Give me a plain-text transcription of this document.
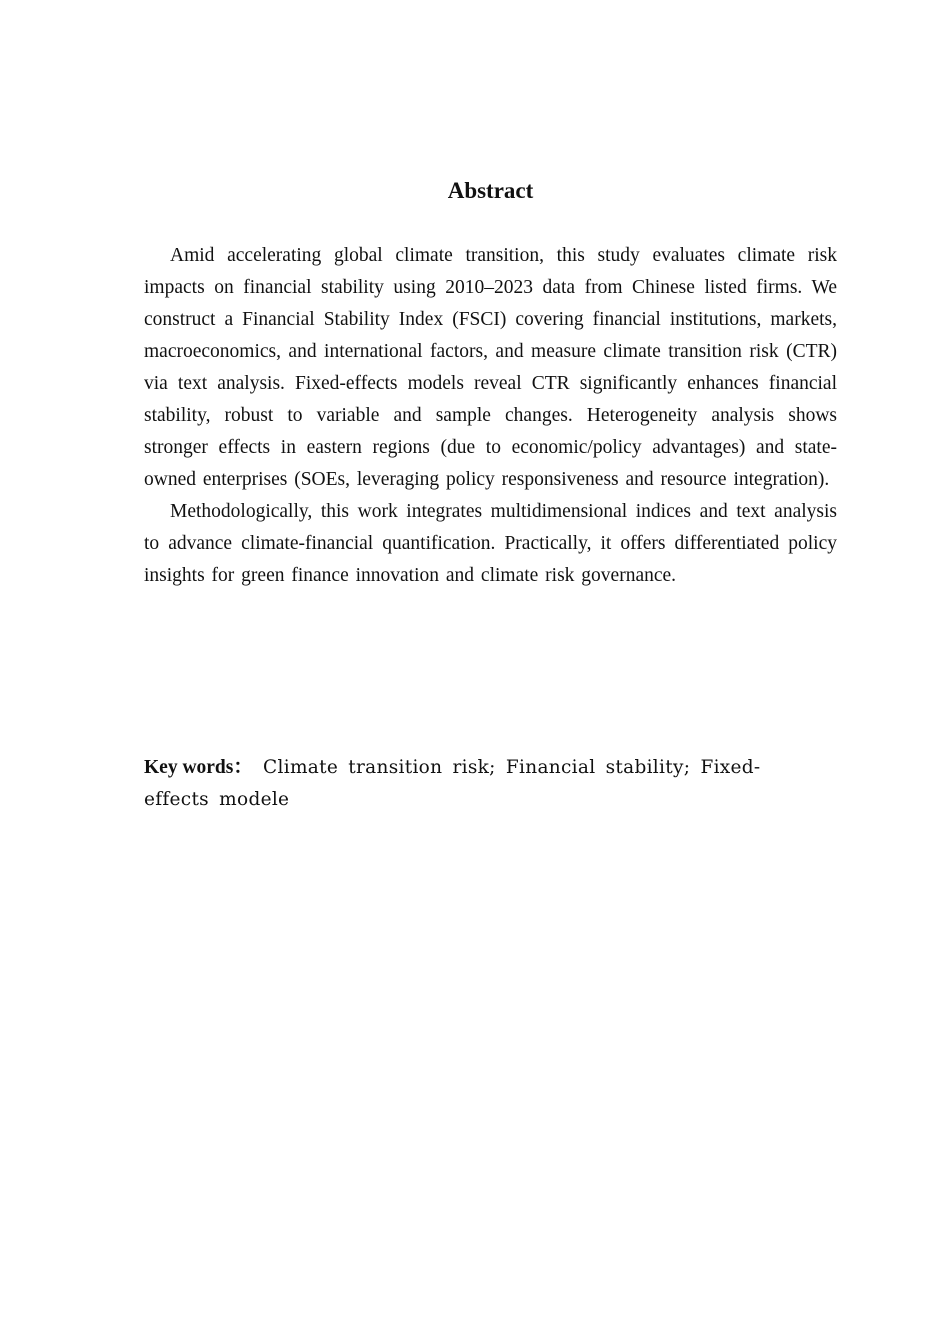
Abstract

Amid accelerating global climate transition, this study evaluates climate risk impacts on financial stability using 2010–2023 data from Chinese listed firms. We construct a Financial Stability Index (FSCI) covering financial institutions, markets, macroeconomics, and international factors, and measure climate transition risk (CTR) via text analysis. Fixed-effects models reveal CTR significantly enhances financial stability, robust to variable and sample changes. Heterogeneity analysis shows stronger effects in eastern regions (due to economic/policy advantages) and state-owned enterprises (SOEs, leveraging policy responsiveness and resource integration).

Methodologically, this work integrates multidimensional indices and text analysis to advance climate-financial quantification. Practically, it offers differentiated policy insights for green finance innovation and climate risk governance.

Key words： Climate transition risk; Financial stability; Fixed-effects modele
